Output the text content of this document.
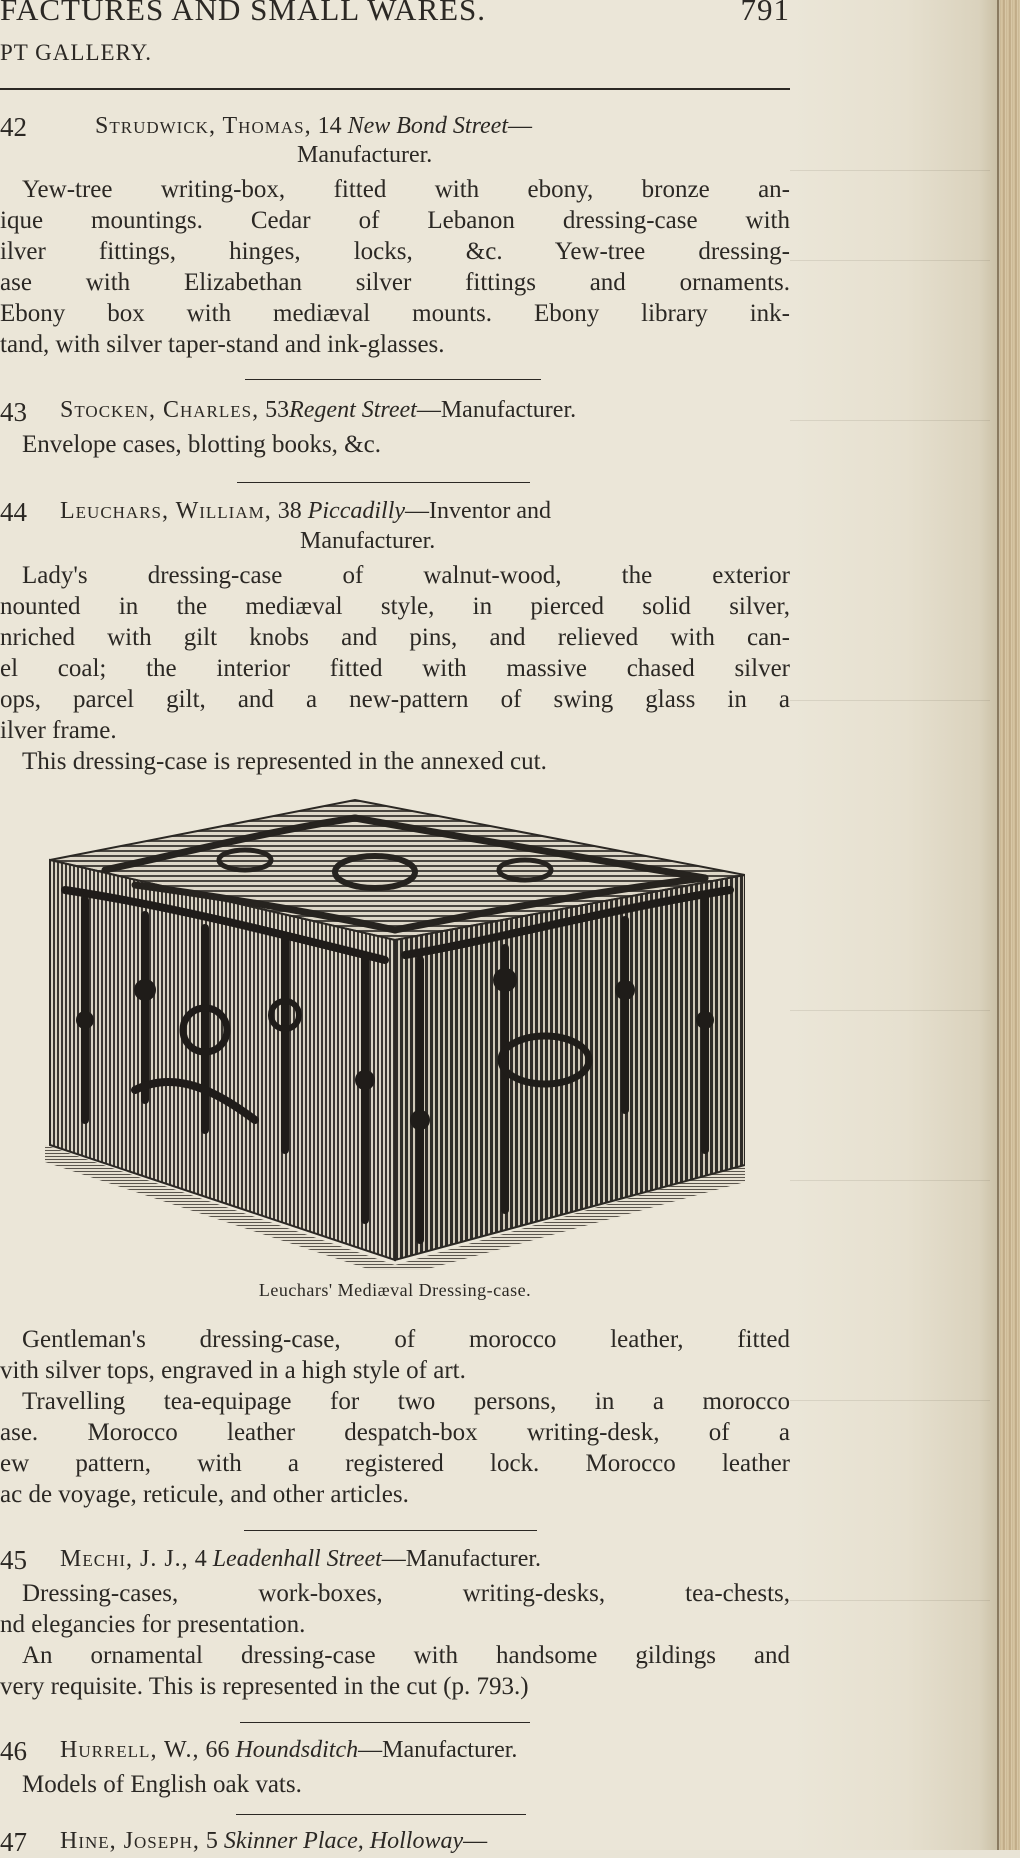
FACTURES AND SMALL WARES.	791
PT GALLERY.
42	Strudwick, Thomas, 14 New Bond Street—
Manufacturer.
Yew-tree writing-box, fitted with ebony, bronze an-
ique mountings. Cedar of Lebanon dressing-case with
ilver fittings, hinges, locks, &c. Yew-tree dressing-
ase with Elizabethan silver fittings and ornaments.
Ebony box with mediæval mounts. Ebony library ink-
tand, with silver taper-stand and ink-glasses.
43 Stocken, Charles, 53Regent Street—Manufacturer.
Envelope cases, blotting books, &c.
44 Leuchars, William, 38 Piccadilly—Inventor and
Manufacturer.
Lady's dressing-case of walnut-wood, the exterior
nounted in the mediæval style, in pierced solid silver,
nriched with gilt knobs and pins, and relieved with can-
el coal; the interior fitted with massive chased silver
ops, parcel gilt, and a new-pattern of swing glass in a
ilver frame.
This dressing-case is represented in the annexed cut.
Leuchars' Mediæval Dressing-case.
Gentleman's dressing-case, of morocco leather, fitted
vith silver tops, engraved in a high style of art.
Travelling tea-equipage for two persons, in a morocco
ase. Morocco leather despatch-box writing-desk, of a
ew pattern, with a registered lock. Morocco leather
ac de voyage, reticule, and other articles.
45 Mechi, J. J., 4 Leadenhall Street—Manufacturer.
Dressing-cases, work-boxes, writing-desks, tea-chests,
nd elegancies for presentation.
An ornamental dressing-case with handsome gildings and
very requisite. This is represented in the cut (p. 793.)
46 Hurrell, W., 66 Houndsditch—Manufacturer.
Models of English oak vats.
47 Hine, Joseph, 5 Skinner Place, Holloway—
